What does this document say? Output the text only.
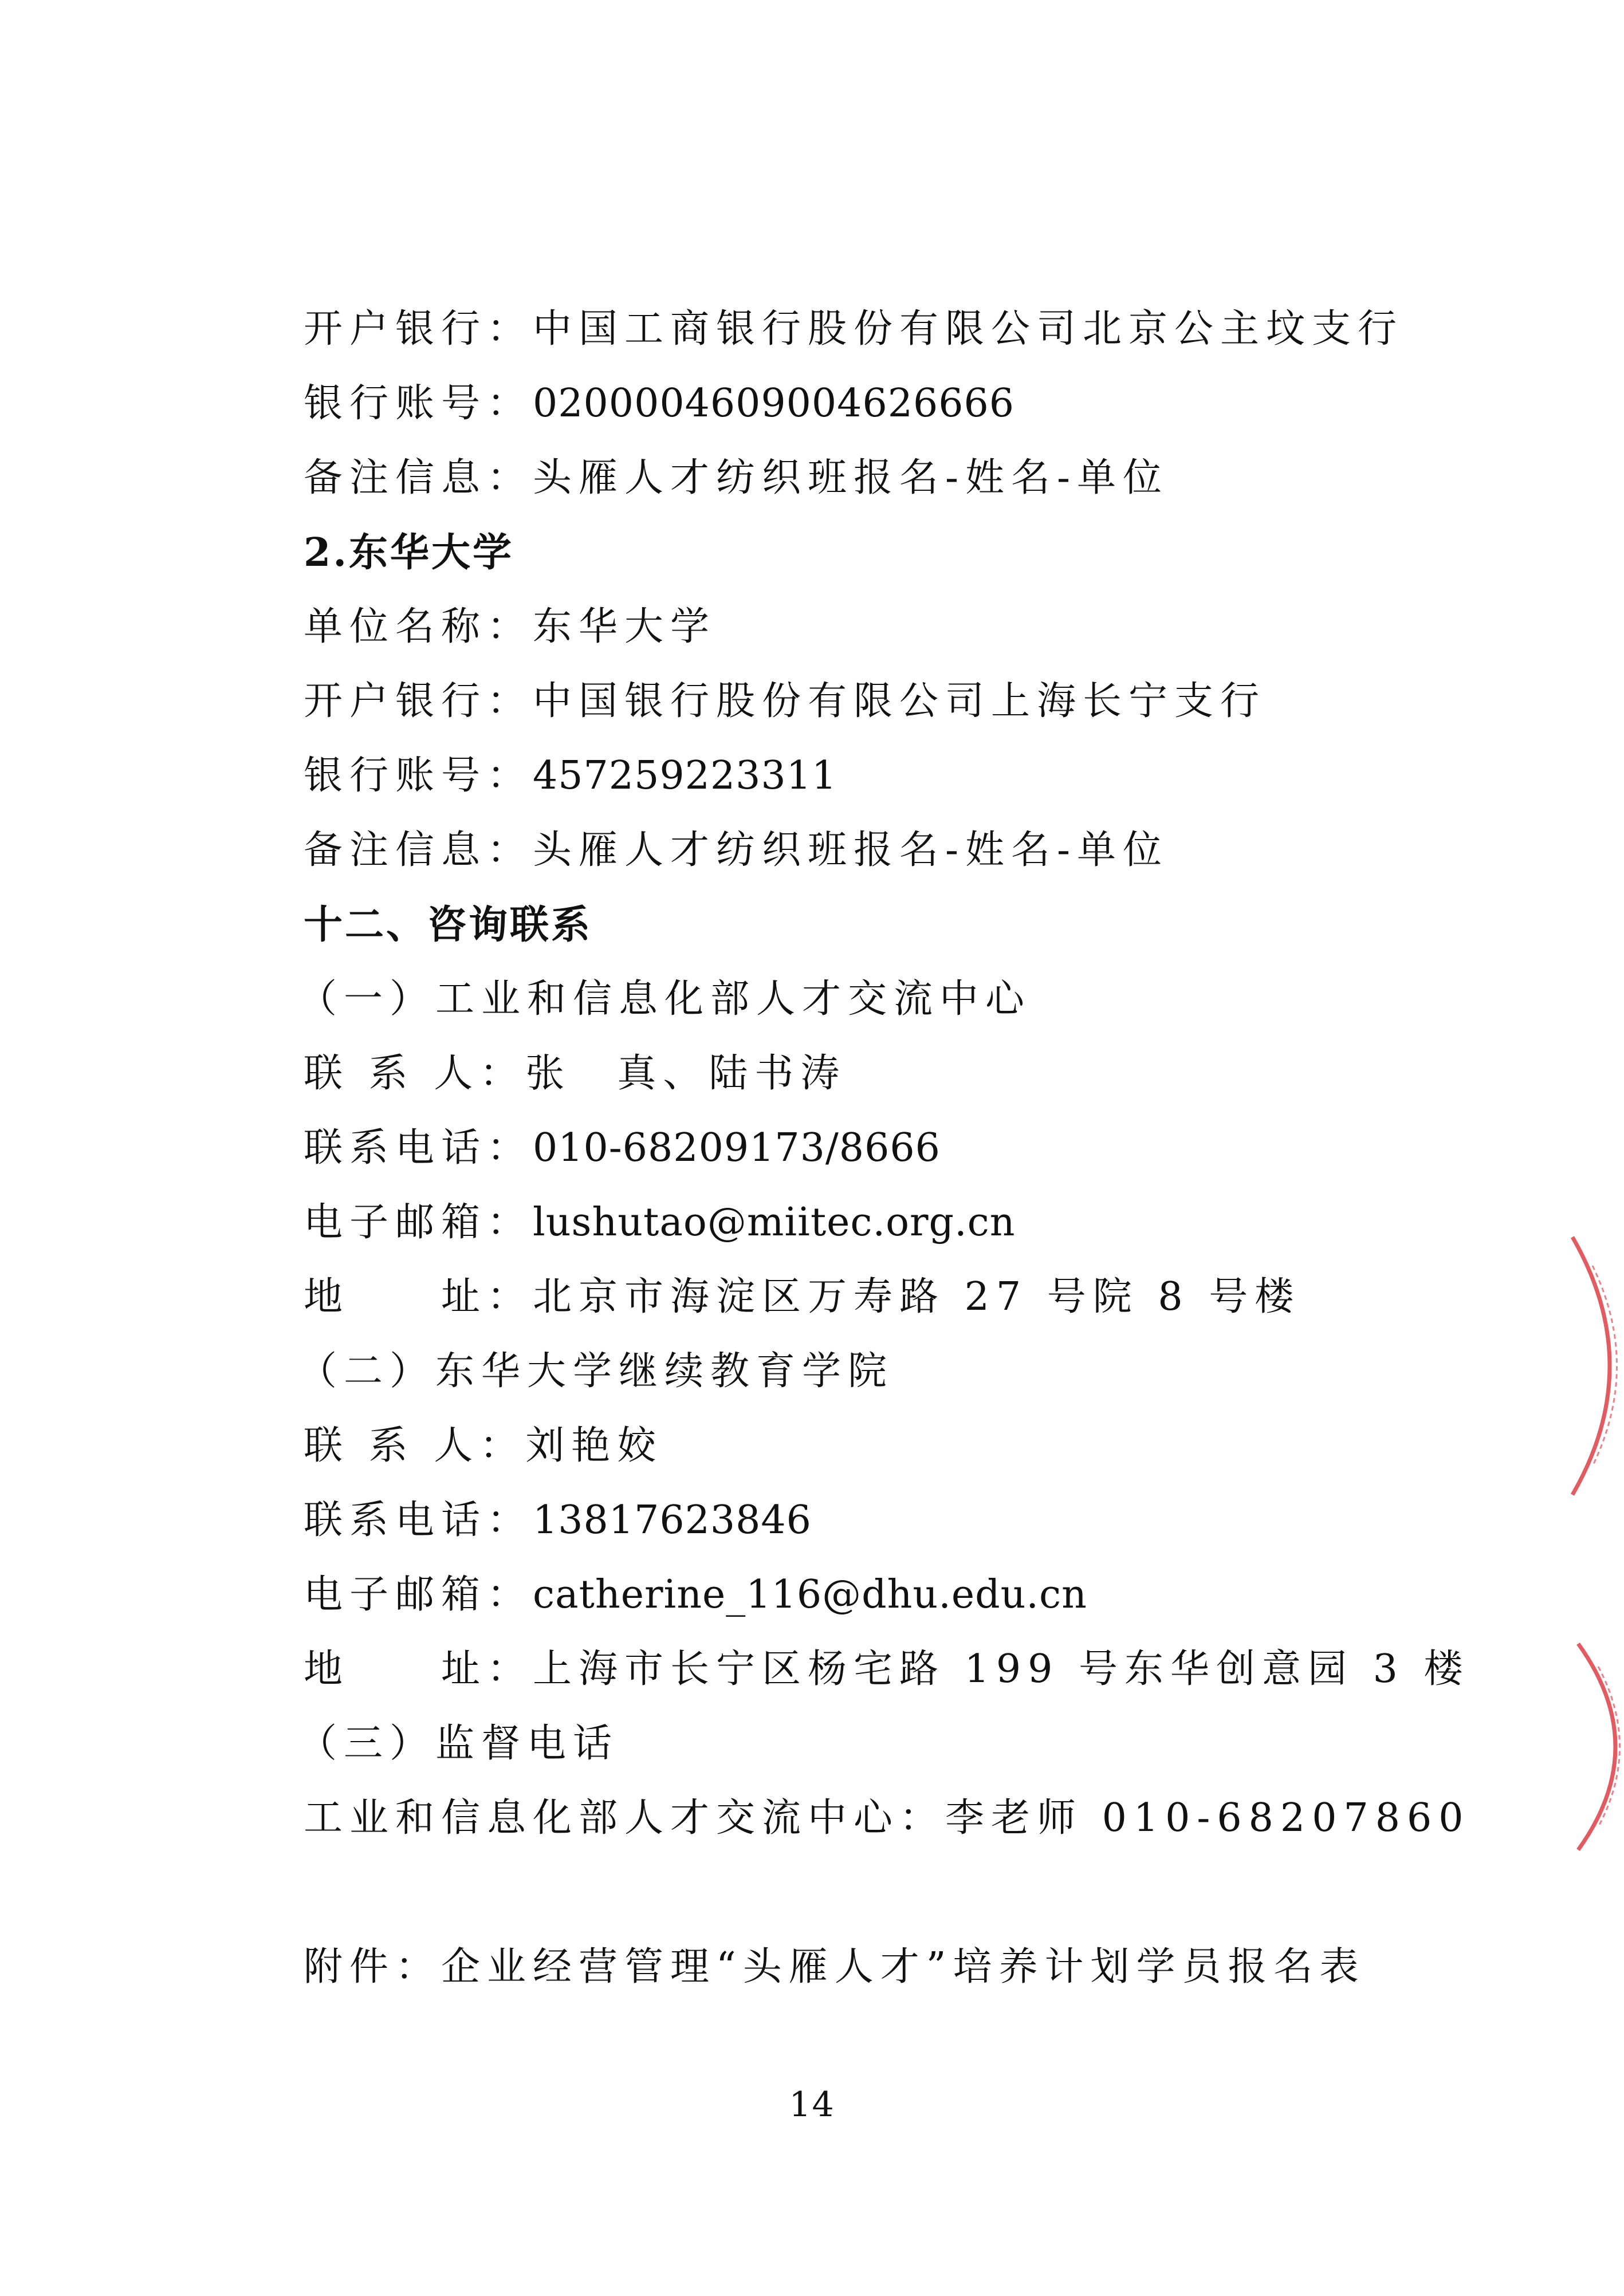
开户银行：中国工商银行股份有限公司北京公主坟支行
银行账号：0200004609004626666
备注信息：头雁人才纺织班报名-姓名-单位
2.东华大学
单位名称：东华大学
开户银行：中国银行股份有限公司上海长宁支行
银行账号：457259223311
备注信息：头雁人才纺织班报名-姓名-单位
十二、咨询联系
（一）工业和信息化部人才交流中心
联 系 人：张　真、陆书涛
联系电话：010-68209173/8666
电子邮箱：lushutao@miitec.org.cn
地　　址：北京市海淀区万寿路 27 号院 8 号楼
（二）东华大学继续教育学院
联 系 人：刘艳姣
联系电话：13817623846
电子邮箱：catherine_116@dhu.edu.cn
地　　址：上海市长宁区杨宅路 199 号东华创意园 3 楼
（三）监督电话
工业和信息化部人才交流中心：李老师 010-68207860
附件：企业经营管理“头雁人才”培养计划学员报名表
14
